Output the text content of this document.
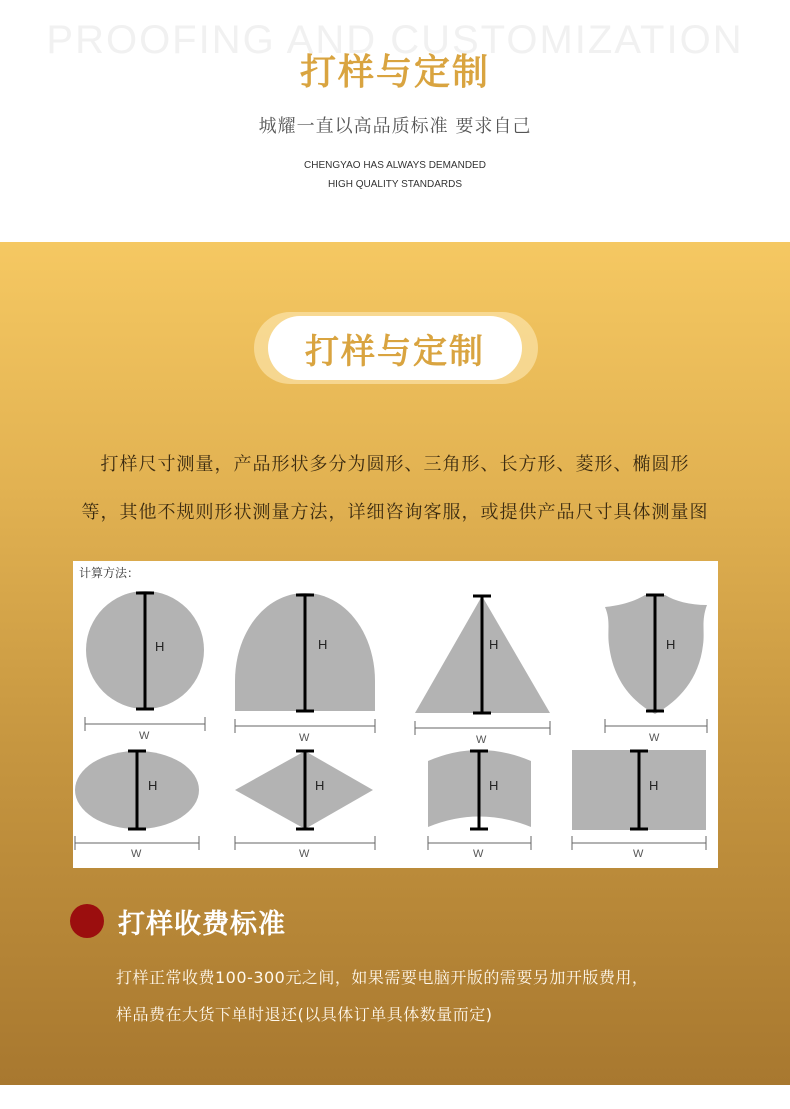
PROOFING AND CUSTOMIZATION
打样与定制
城耀一直以高品质标准 要求自己
CHENGYAO HAS ALWAYS DEMANDED
HIGH QUALITY STANDARDS
打样与定制
打样尺寸测量，产品形状多分为圆形、三角形、长方形、菱形、椭圆形
等，其他不规则形状测量方法，详细咨询客服，或提供产品尺寸具体测量图
H	H	H	H
H	H	H	H
W	W	W	W
W	W	W	W
计算方法：
打样收费标准
打样正常收费100-300元之间，如果需要电脑开版的需要另加开版费用，
样品费在大货下单时退还(以具体订单具体数量而定)
